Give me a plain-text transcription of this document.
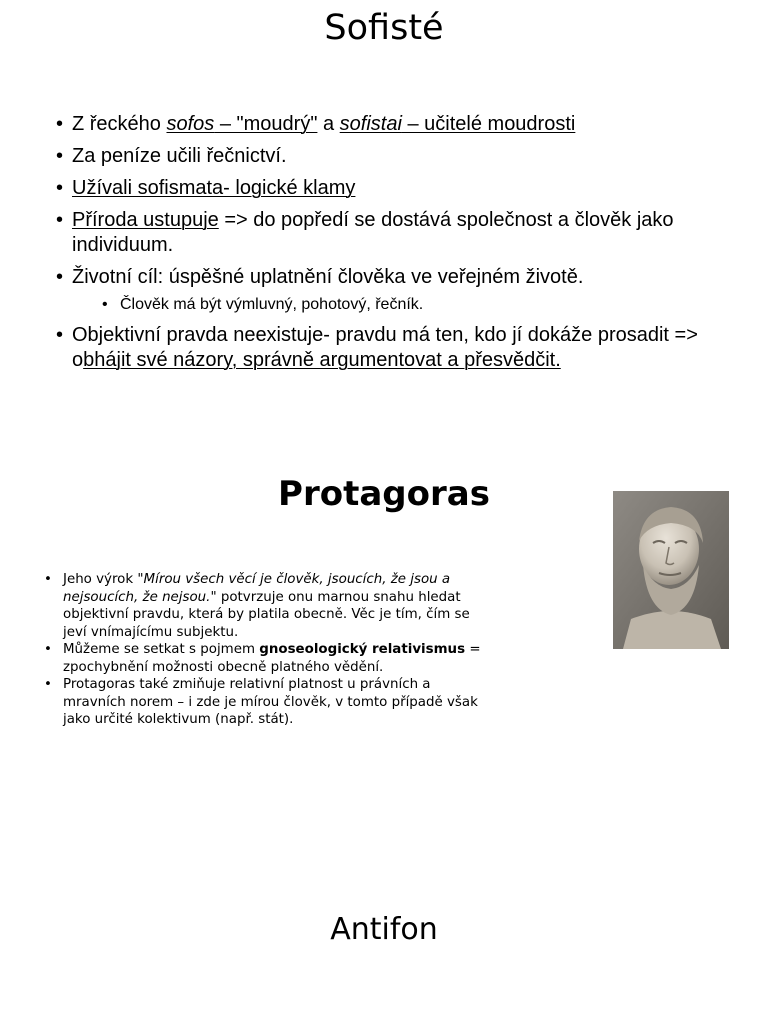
Sofisté
• Z řeckého sofos – "moudrý" a sofistai – učitelé moudrosti
• Za peníze učili řečnictví.
• Užívali sofismata- logické klamy
• Příroda ustupuje => do popředí se dostává společnost a člověk jako individuum.
• Životní cíl: úspěšné uplatnění člověka ve veřejném životě.
• Člověk má být výmluvný, pohotový, řečník.
• Objektivní pravda neexistuje- pravdu má ten, kdo jí dokáže prosadit => obhájit své názory, správně argumentovat a přesvědčit.
Protagoras
• Jeho výrok "Mírou všech věcí je člověk, jsoucích, že jsou a nejsoucích, že nejsou." potvrzuje onu marnou snahu hledat objektivní pravdu, která by platila obecně. Věc je tím, čím se jeví vnímajícímu subjektu.
• Můžeme se setkat s pojmem gnoseologický relativismus = zpochybnění možnosti obecně platného vědění.
• Protagoras také zmiňuje relativní platnost u právních a mravních norem – i zde je mírou člověk, v tomto případě však jako určité kolektivum (např. stát).
Antifon
